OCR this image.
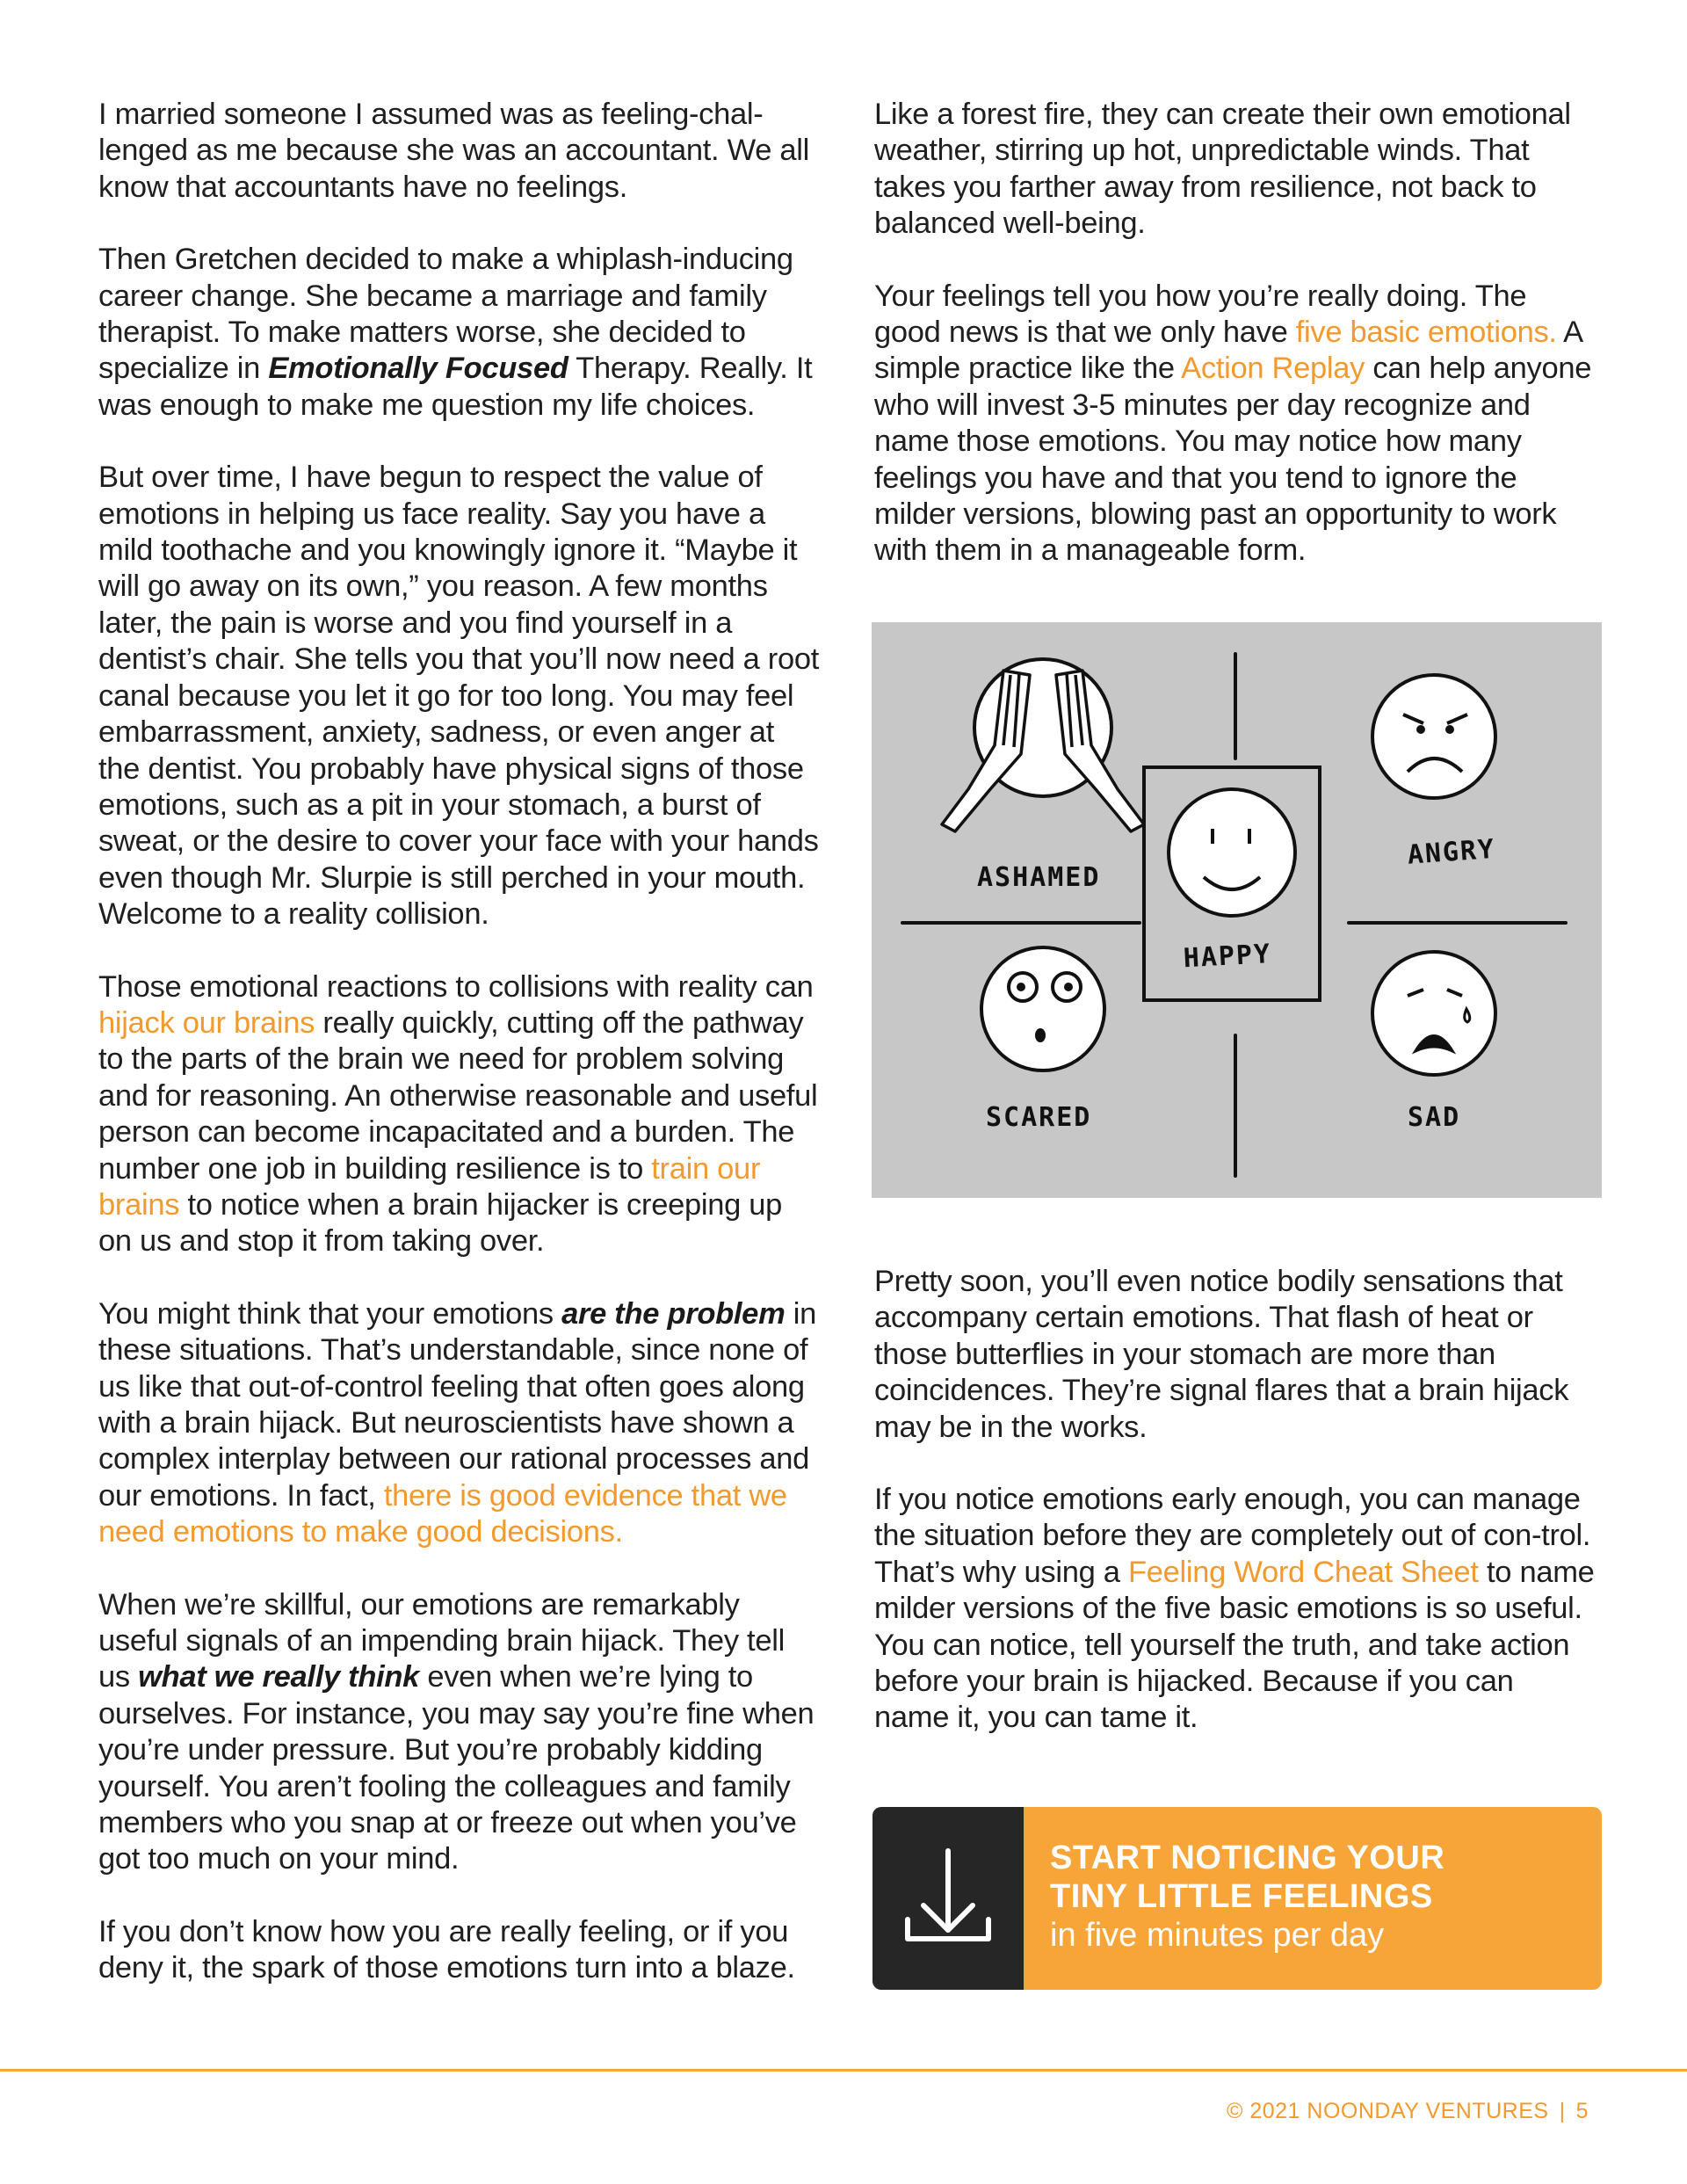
I married someone I assumed was as feeling-chal-lenged as me because she was an accountant. We all know that accountants have no feelings.

Then Gretchen decided to make a whiplash-inducing career change. She became a marriage and family therapist. To make matters worse, she decided to specialize in Emotionally Focused Therapy. Really. It was enough to make me question my life choices.

But over time, I have begun to respect the value of emotions in helping us face reality. Say you have a mild toothache and you knowingly ignore it. “Maybe it will go away on its own,” you reason. A few months later, the pain is worse and you find yourself in a dentist’s chair. She tells you that you’ll now need a root canal because you let it go for too long. You may feel embarrassment, anxiety, sadness, or even anger at the dentist. You probably have physical signs of those emotions, such as a pit in your stomach, a burst of sweat, or the desire to cover your face with your hands even though Mr. Slurpie is still perched in your mouth. Welcome to a reality collision.

Those emotional reactions to collisions with reality can hijack our brains really quickly, cutting off the pathway to the parts of the brain we need for problem solving and for reasoning. An otherwise reasonable and useful person can become incapacitated and a burden. The number one job in building resilience is to train our brains to notice when a brain hijacker is creeping up on us and stop it from taking over.

You might think that your emotions are the problem in these situations. That’s understandable, since none of us like that out-of-control feeling that often goes along with a brain hijack. But neuroscientists have shown a complex interplay between our rational processes and our emotions. In fact, there is good evidence that we need emotions to make good decisions.

When we’re skillful, our emotions are remarkably useful signals of an impending brain hijack. They tell us what we really think even when we’re lying to ourselves. For instance, you may say you’re fine when you’re under pressure. But you’re probably kidding yourself. You aren’t fooling the colleagues and family members who you snap at or freeze out when you’ve got too much on your mind.

If you don’t know how you are really feeling, or if you deny it, the spark of those emotions turn into a blaze.

Like a forest fire, they can create their own emotional weather, stirring up hot, unpredictable winds. That takes you farther away from resilience, not back to balanced well-being.

Your feelings tell you how you’re really doing. The good news is that we only have five basic emotions. A simple practice like the Action Replay can help anyone who will invest 3-5 minutes per day recognize and name those emotions. You may notice how many feelings you have and that you tend to ignore the milder versions, blowing past an opportunity to work with them in a manageable form.

ASHAMED
ANGRY
HAPPY
SCARED	SAD

Pretty soon, you’ll even notice bodily sensations that accompany certain emotions. That flash of heat or those butterflies in your stomach are more than coincidences. They’re signal flares that a brain hijack may be in the works.

If you notice emotions early enough, you can manage the situation before they are completely out of con-trol. That’s why using a Feeling Word Cheat Sheet to name milder versions of the five basic emotions is so useful. You can notice, tell yourself the truth, and take action before your brain is hijacked. Because if you can name it, you can tame it.

START NOTICING YOUR
TINY LITTLE FEELINGS
in five minutes per day
© 2021 NOONDAY VENTURES | 5
